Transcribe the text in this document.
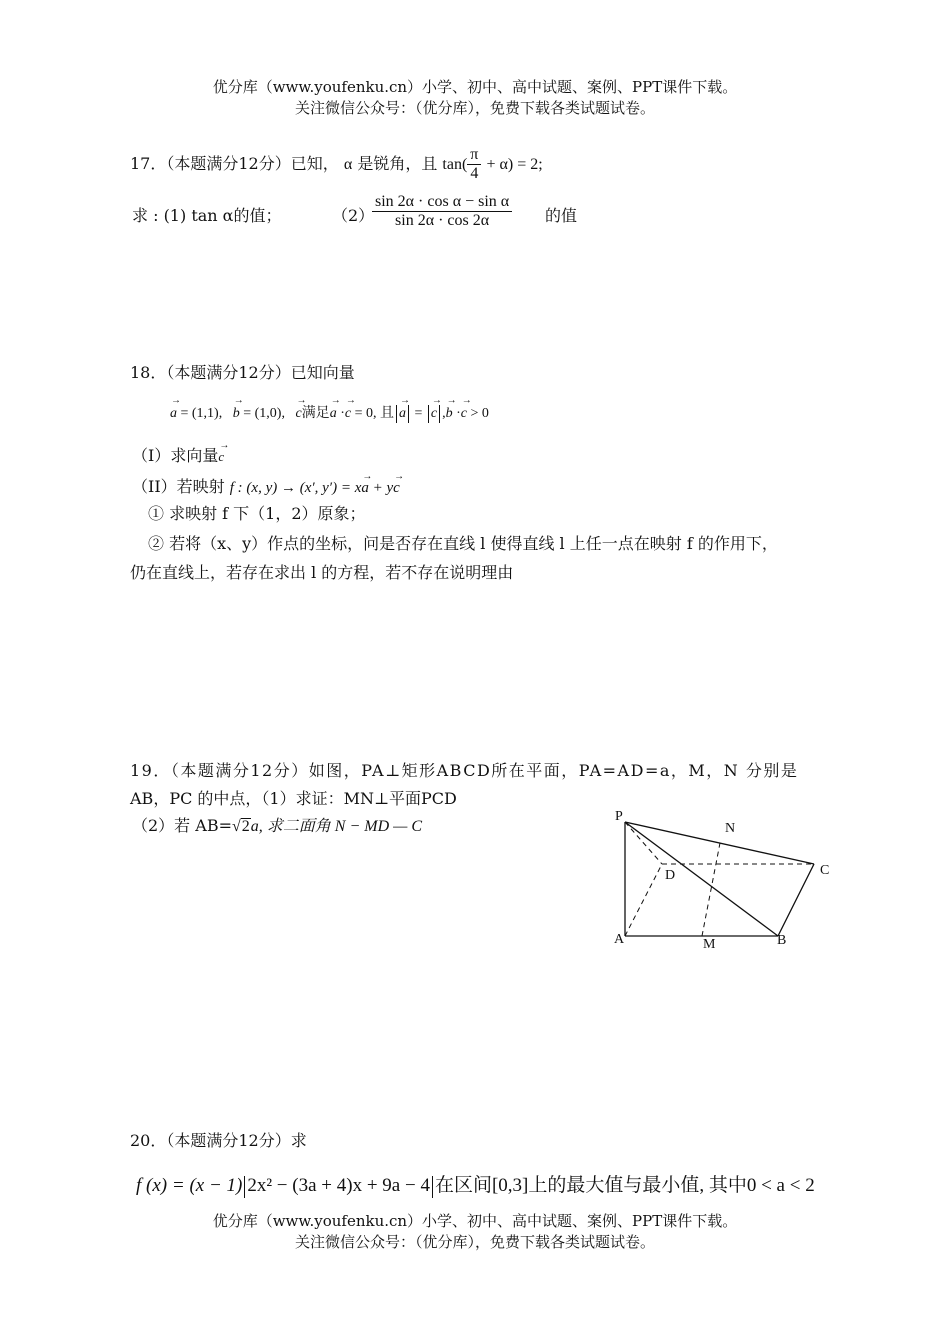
优分库（www.youfenku.cn）小学、初中、高中试题、案例、PPT课件下载。
关注微信公众号：（优分库），免费下载各类试题试卷。
17．（本题满分12分）已知， α 是锐角，且 $\tan( \frac{\pi}{4} + \alpha) = 2$;
求 : (1) tan α的值；	（2）
$\frac{\text{sin 2α · cos α − sin α}}{\sin 2\alpha \cdot \cos 2\alpha}$ 的值
18．（本题满分12分）已知向量
→ a = (1,1), → b = (1,0), → c满足→ a ·→ c = 0, 且 → a = → c ,→ b ·→ c > 0
（I）求向量→ c
（II）若映射 f : (x, y) → (x′, y′) = x→ a + y→ c
① 求映射 f 下（1，2）原象；
② 若将（x、y）作点的坐标，问是否存在直线 l 使得直线 l 上任一点在映射 f 的作用下，
仍在直线上，若存在求出 l 的方程，若不存在说明理由
19．（本题满分12分）如图，PA⊥矩形ABCD所在平面，PA=AD=a，M，N 分别是
AB，PC 的中点，（1）求证：MN⊥平面PCD
（2）若 AB=√2a, 求二面角 N − MD — C
P
N
D	C
A	M	B
20．（本题满分12分）求
f (x) = (x − 1) 2x² − (3a + 4)x + 9a − 4 在区间[0,3]上的最大值与最小值, 其中0 < a < 2
优分库（www.youfenku.cn）小学、初中、高中试题、案例、PPT课件下载。
关注微信公众号：（优分库），免费下载各类试题试卷。
